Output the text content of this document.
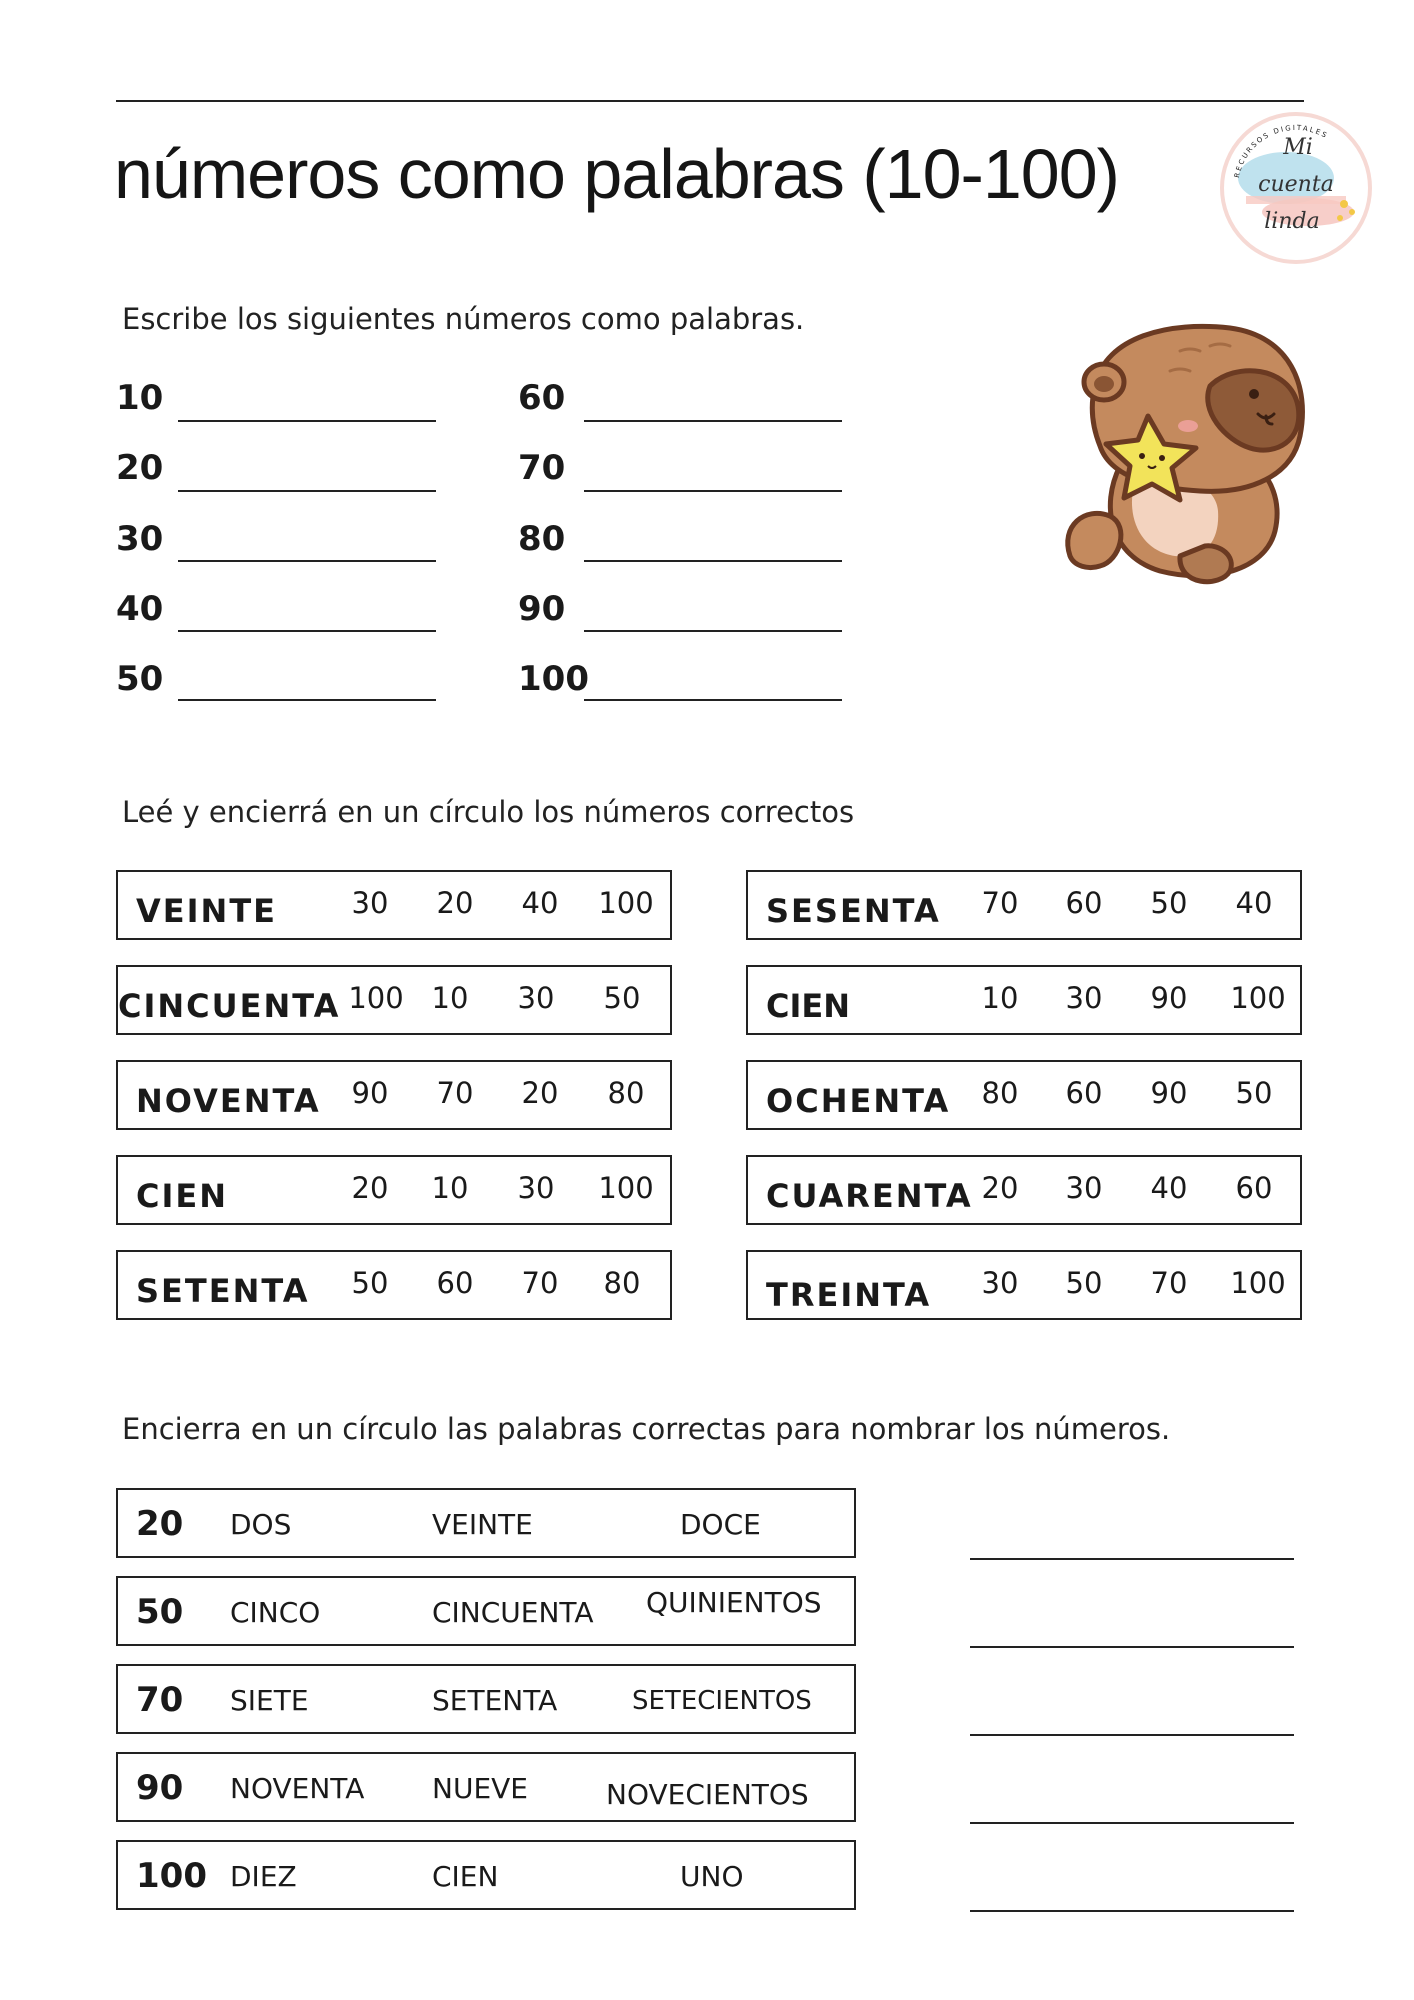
números como palabras (10-100)	RECURSOS DIGITALES
Mi
cuenta
linda
Escribe los siguientes números como palabras.
10
20
30
40
50
60
70
80
90
100
Leé y encierrá en un círculo los números correctos
VEINTE	30	20	40	100
CINCUENTA 100 10	30	50
NOVENTA	90	70	20	80
CIEN	20	10	30	100
SETENTA	50	60	70	80
SESENTA	70	60	50	40
CIEN	10	30	90	100
OCHENTA	80	60	90	50
CUARENTA 20	30	40	60
TREINTA	30	50	70	100
Encierra en un círculo las palabras correctas para nombrar los números.
20 DOS	VEINTE	DOCE
50 CINCO	CINCUENTA QUINIENTOS
70 SIETE	SETENTA	SETECIENTOS
90 NOVENTA NUEVE	NOVECIENTOS
100 DIEZ	CIEN	UNO
